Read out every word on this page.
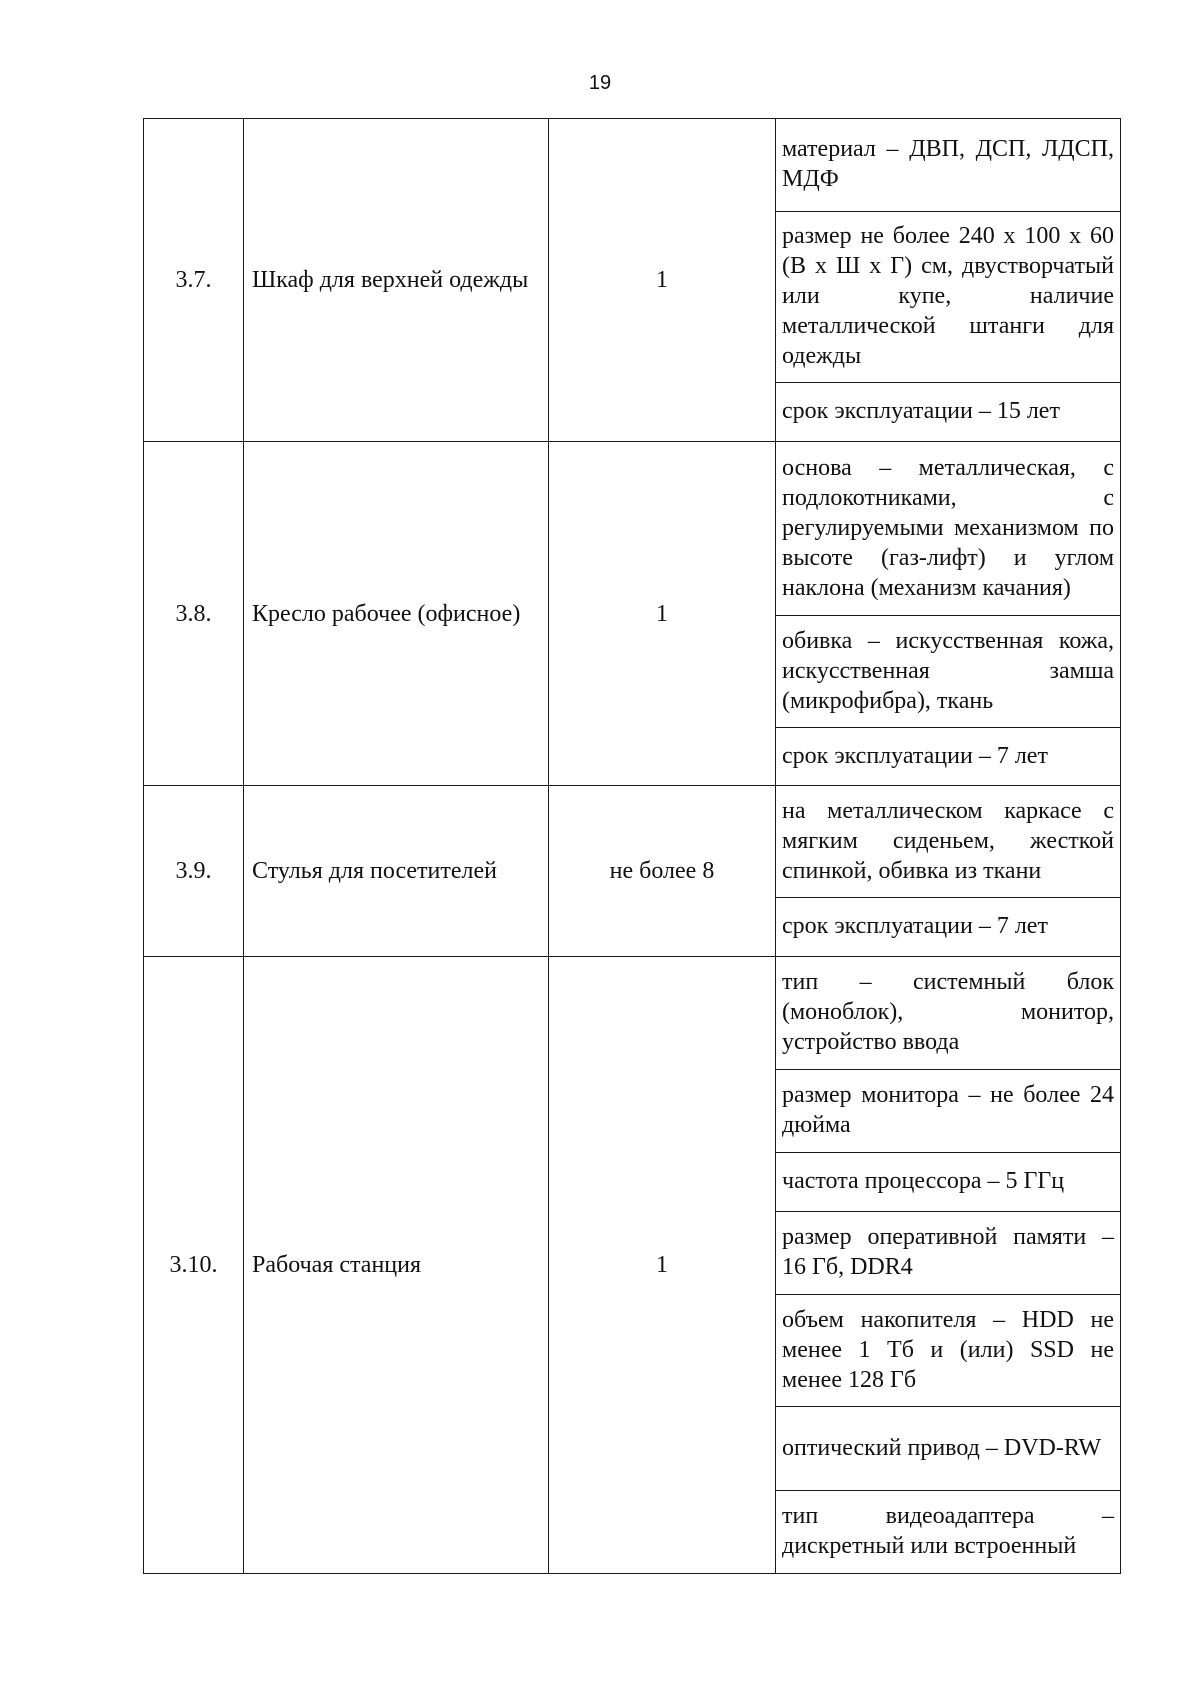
19
3.7.	Шкаф для верхней одежды	1	материал – ДВП, ДСП, ЛДСП, МДФ

			размер не более 240 х 100 х 60 (В х Ш х Г) см, двустворчатый или купе, наличие металлической штанги для одежды

			срок эксплуатации – 15 лет

3.8.	Кресло рабочее (офисное)	1	основа – металлическая, с подлокотниками, с регулируемыми механизмом по высоте (газ-лифт) и углом наклона (механизм качания)

			обивка – искусственная кожа, искусственная замша (микрофибра), ткань

			срок эксплуатации – 7 лет

3.9.	Стулья для посетителей	не более 8	на металлическом каркасе с мягким сиденьем, жесткой спинкой, обивка из ткани

			срок эксплуатации – 7 лет

3.10.	Рабочая станция	1	тип – системный блок (моноблок), монитор, устройство ввода

			размер монитора – не более 24 дюйма

			частота процессора – 5 ГГц

			размер оперативной памяти – 16 Гб, DDR4

			объем накопителя – HDD не менее 1 Тб и (или) SSD не менее 128 Гб

			оптический привод – DVD-RW

			тип видеоадаптера – дискретный или встроенный
